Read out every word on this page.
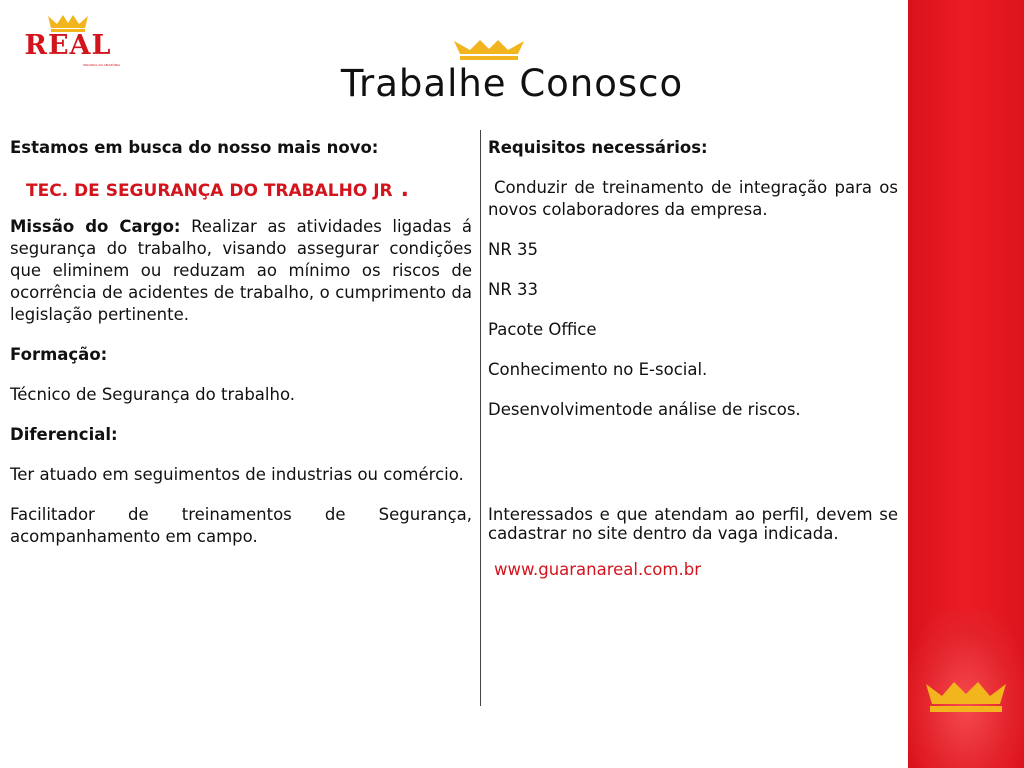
REAL
ORIGINAL DA AMAZÔNIA	Trabalhe Conosco
Estamos em busca do nosso mais novo:
TEC. DE SEGURANÇA DO TRABALHO JR .

Missão do Cargo: Realizar as atividades ligadas á segurança do trabalho, visando assegurar condições que eliminem ou reduzam ao mínimo os riscos de ocorrência de acidentes de trabalho, o cumprimento da legislação pertinente.

Formação:

Técnico de Segurança do trabalho.

Diferencial:

Ter atuado em seguimentos de industrias ou comércio.

Facilitador de treinamentos de Segurança, acompanhamento em campo.

Requisitos necessários:

Conduzir de treinamento de integração para os novos colaboradores da empresa.

NR 35

NR 33

Pacote Office

Conhecimento no E-social.

Desenvolvimentode análise de riscos.

Interessados e que atendam ao perfil, devem se cadastrar no site dentro da vaga indicada.

www.guaranareal.com.br
